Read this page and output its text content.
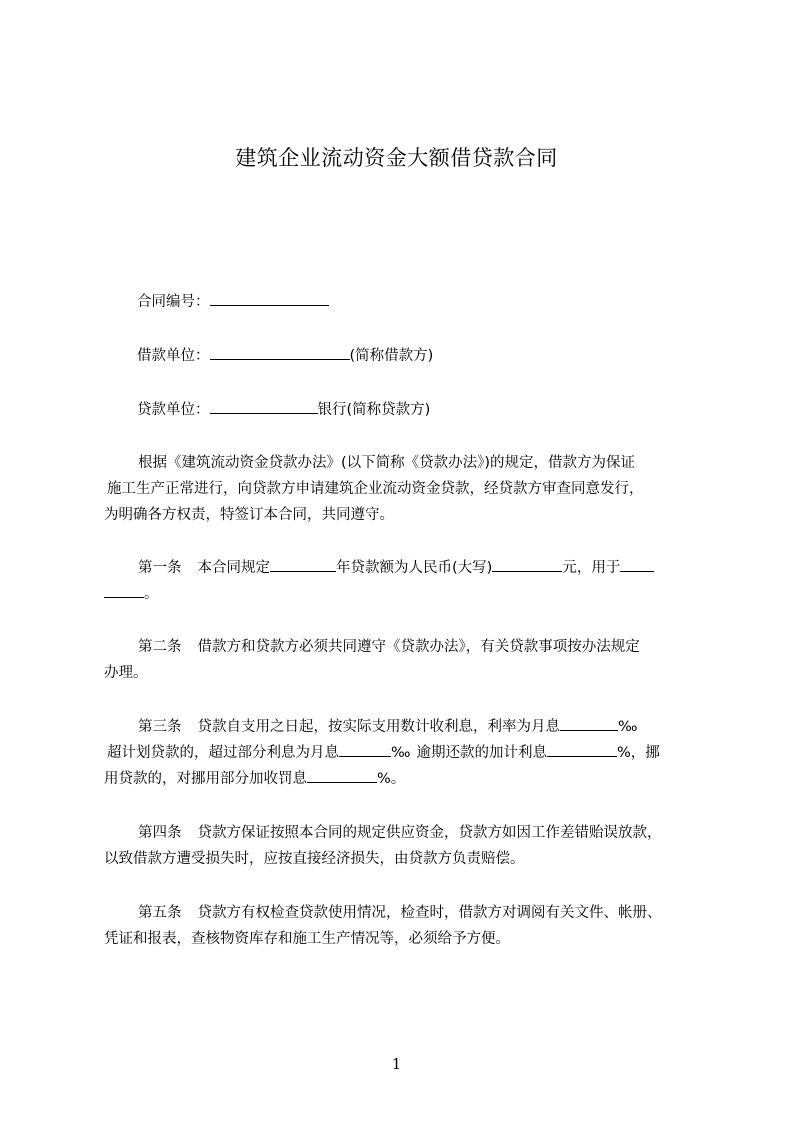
建筑企业流动资金大额借贷款合同
合同编号：
借款单位：	(简称借款方)
贷款单位：	银行(简称贷款方)

根据《建筑流动资金贷款办法》(以下简称《贷款办法》)的规定，借款方为保证

施工生产正常进行，向贷款方申请建筑企业流动资金贷款，经贷款方审查同意发行，

为明确各方权责，特签订本合同，共同遵守。

第一条 本合同规定	年贷款额为人民币(大写)	元，用于

。

第二条 借款方和贷款方必须共同遵守《贷款办法》，有关贷款事项按办法规定

办理。

第三条 贷款自支用之日起，按实际支用数计收利息，利率为月息	‰

超计划贷款的，超过部分利息为月息	‰ 逾期还款的加计利息	%，挪

用贷款的，对挪用部分加收罚息	%。

第四条 贷款方保证按照本合同的规定供应资金，贷款方如因工作差错贻误放款，

以致借款方遭受损失时，应按直接经济损失，由贷款方负责赔偿。

第五条 贷款方有权检查贷款使用情况，检查时，借款方对调阅有关文件、帐册、

凭证和报表，查核物资库存和施工生产情况等，必须给予方便。

1
